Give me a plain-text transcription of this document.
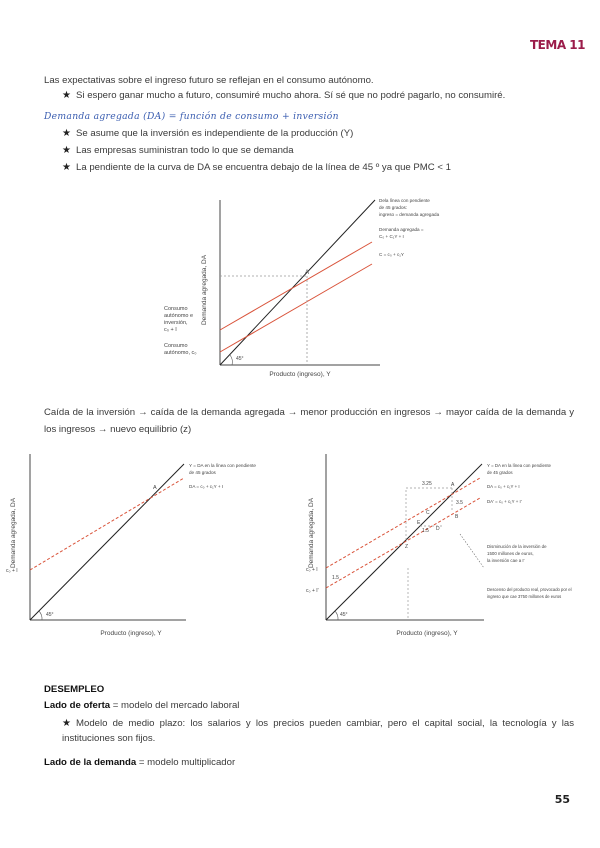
TEMA 11
Las expectativas sobre el ingreso futuro se reflejan en el consumo autónomo.
★ Si espero ganar mucho a futuro, consumiré mucho ahora. Sí sé que no podré pagarlo, no consumiré.
Demanda agregada (DA) = función de consumo + inversión
★ Se asume que la inversión es independiente de la producción (Y)
★ Las empresas suministran todo lo que se demanda
★ La pendiente de la curva de DA se encuentra debajo de la línea de 45 º ya que PMC < 1
A
45°
Demanda agregada, DA
Producto (ingreso), Y
Dela línea con pendiente
de 45 grados:
ingreso = demanda agregada
Demanda agregada =
C₀ + C₁Y + I
C = c₀ + c₁Y
Consumo
autónomo e
inversión,
c₀ + I
Consumo
autónomo, c₀
Caída de la inversión → caída de la demanda agregada → menor producción en ingresos → mayor caída de la demanda y los ingresos → nuevo equilibrio (z)
A
45°
c₀ + I
Demanda agregada, DA
Producto (ingreso), Y
Y = DA en la línea con pendiente
de 45 grados
DA = c₀ + c₁Y + I	A
B
C
D
E
Z
3.25
3.5
1.5
1.5
45°
c₀ + I
c₀ + I'
Demanda agregada, DA
Producto (ingreso), Y
Y = DA en la línea con pendiente
de 45 grados
DA = c₀ + c₁Y + I
DA' = c₀ + c₁Y + I'
Disminución de la inversión de
1500 millones de euros,
la inversión cae a I'
Descenso del producto real, provocado por el
ingreso que cae 3750 millones de euros
DESEMPLEO
Lado de oferta = modelo del mercado laboral
★ Modelo de medio plazo: los salarios y los precios pueden cambiar, pero el capital social, la tecnología y las instituciones son fijos.
Lado de la demanda = modelo multiplicador
55
